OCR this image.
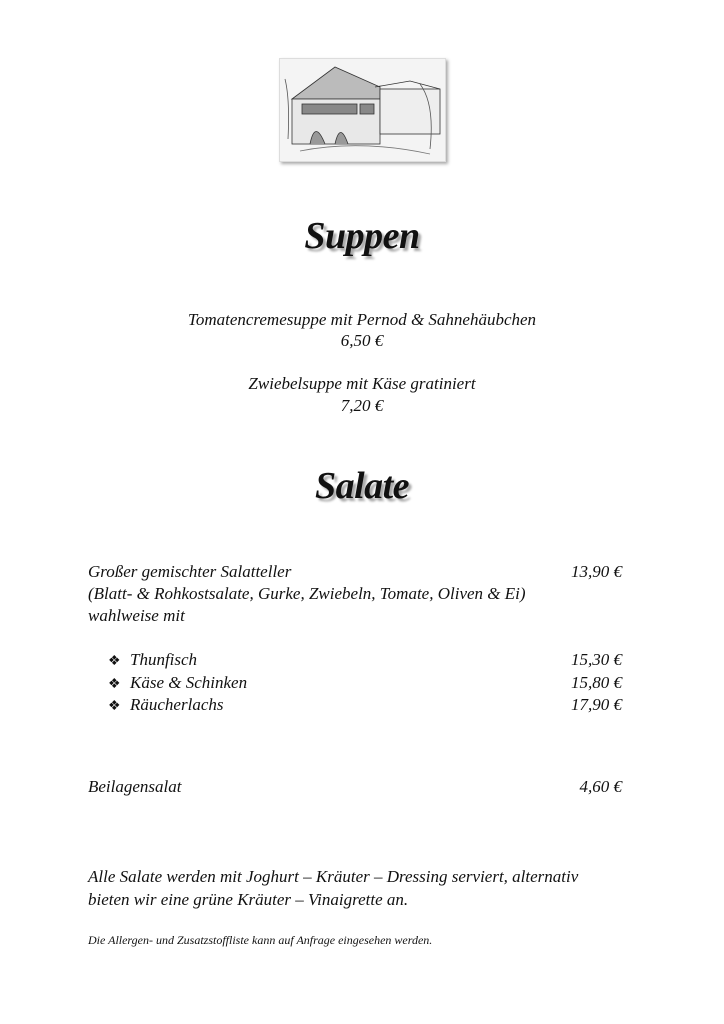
Suppen
Tomatencremesuppe mit Pernod & Sahnehäubchen
6,50 €
Zwiebelsuppe mit Käse gratiniert
7,20 €
Salate
Großer gemischter Salatteller	13,90 €
(Blatt- & Rohkostsalate, Gurke, Zwiebeln, Tomate, Oliven & Ei)
wahlweise mit
❖ Thunfisch	15,30 €
❖ Käse & Schinken	15,80 €
❖ Räucherlachs	17,90 €
Beilagensalat	4,60 €
Alle Salate werden mit Joghurt – Kräuter – Dressing serviert, alternativ
bieten wir eine grüne Kräuter – Vinaigrette an.
Die Allergen- und Zusatzstoffliste kann auf Anfrage eingesehen werden.
